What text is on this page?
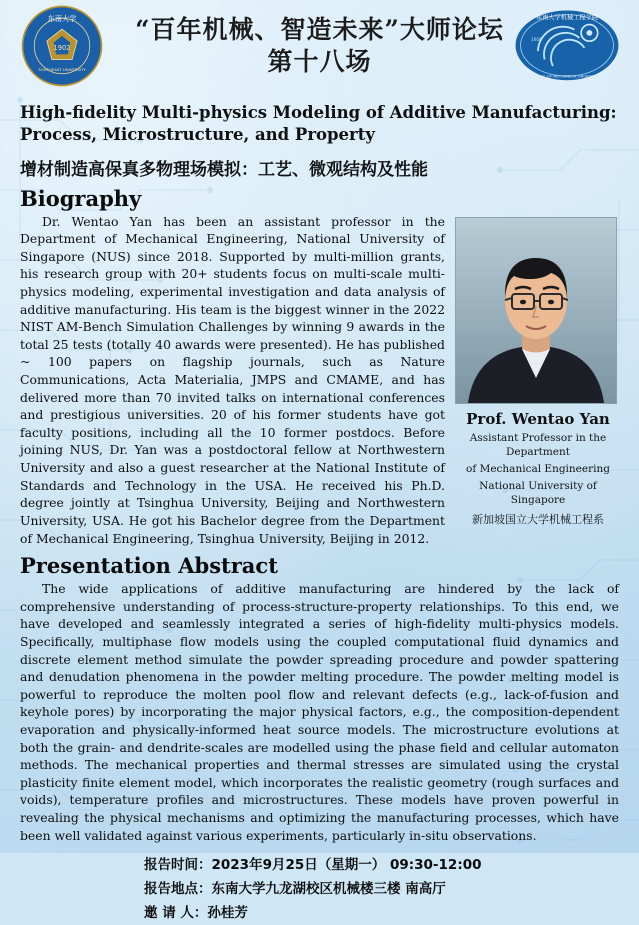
1902
东南大学
SOUTHEAST UNIVERSITY
东南大学机械工程学院
SCHOOL OF MECHANICAL ENGINEERING
1916
“百年机械、智造未来”大师论坛
第十八场
High-fidelity Multi-physics Modeling of Additive Manufacturing: Process, Microstructure, and Property
增材制造高保真多物理场模拟：工艺、微观结构及性能
Biography
Prof. Wentao Yan
Assistant Professor in the Department
of Mechanical Engineering
National University of Singapore
新加坡国立大学机械工程系
Dr. Wentao Yan has been an assistant professor in the Department of Mechanical Engineering, National University of Singapore (NUS) since 2018. Supported by multi-million grants, his research group with 20+ students focus on multi-scale multi-physics modeling, experimental investigation and data analysis of additive manufacturing. His team is the biggest winner in the 2022 NIST AM-Bench Simulation Challenges by winning 9 awards in the total 25 tests (totally 40 awards were presented). He has published ~ 100 papers on flagship journals, such as Nature Communications, Acta Materialia, JMPS and CMAME, and has delivered more than 70 invited talks on international conferences and prestigious universities. 20 of his former students have got faculty positions, including all the 10 former postdocs. Before joining NUS, Dr. Yan was a postdoctoral fellow at Northwestern University and also a guest researcher at the National Institute of Standards and Technology in the USA. He received his Ph.D. degree jointly at Tsinghua University, Beijing and Northwestern University, USA. He got his Bachelor degree from the Department of Mechanical Engineering, Tsinghua University, Beijing in 2012.
Presentation Abstract
The wide applications of additive manufacturing are hindered by the lack of comprehensive understanding of process-structure-property relationships. To this end, we have developed and seamlessly integrated a series of high-fidelity multi-physics models. Specifically, multiphase flow models using the coupled computational fluid dynamics and discrete element method simulate the powder spreading procedure and powder spattering and denudation phenomena in the powder melting procedure. The powder melting model is powerful to reproduce the molten pool flow and relevant defects (e.g., lack-of-fusion and keyhole pores) by incorporating the major physical factors, e.g., the composition-dependent evaporation and physically-informed heat source models. The microstructure evolutions at both the grain- and dendrite-scales are modelled using the phase field and cellular automaton methods. The mechanical properties and thermal stresses are simulated using the crystal plasticity finite element model, which incorporates the realistic geometry (rough surfaces and voids), temperature profiles and microstructures. These models have proven powerful in revealing the physical mechanisms and optimizing the manufacturing processes, which have been well validated against various experiments, particularly in-situ observations.
报告时间：2023年9月25日（星期一） 09:30-12:00
报告地点：东南大学九龙湖校区机械楼三楼 南高厅
邀 请 人：孙桂芳
